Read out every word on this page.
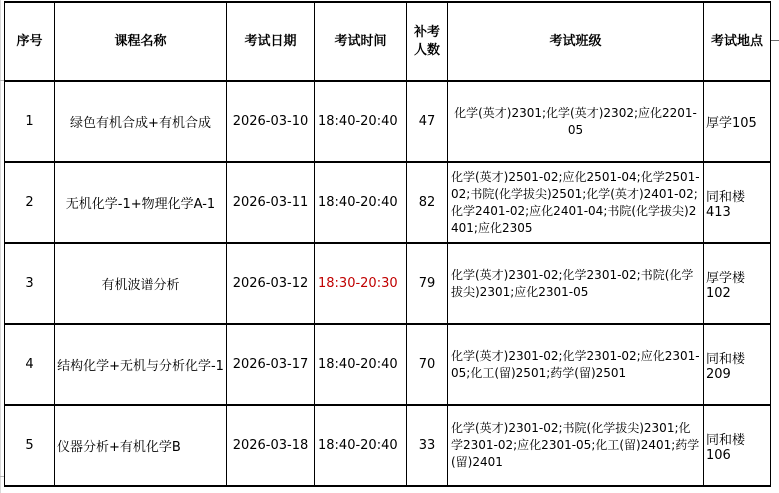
序号	课程名称	考试日期	考试时间	补考人数	考试班级	考试地点
1	绿色有机合成+有机合成	2026-03-10	18:40-20:40	47	化学(英才)2301;化学(英才)2302;应化2201-05	厚学105
2	无机化学-1+物理化学A-1	2026-03-11	18:40-20:40	82	化学(英才)2501-02;应化2501-04;化学2501-02;书院(化学拔尖)2501;化学(英才)2401-02;化学2401-02;应化2401-04;书院(化学拔尖)2401;应化2305	同和楼413
3	有机波谱分析	2026-03-12	18:30-20:30	79	化学(英才)2301-02;化学2301-02;书院(化学拔尖)2301;应化2301-05	厚学楼102
4	结构化学+无机与分析化学-1	2026-03-17	18:40-20:40	70	化学(英才)2301-02;化学2301-02;应化2301-05;化工(留)2501;药学(留)2501	同和楼209
5	仪器分析+有机化学B	2026-03-18	18:40-20:40	33	化学(英才)2301-02;书院(化学拔尖)2301;化学2301-02;应化2301-05;化工(留)2401;药学(留)2401	同和楼106
